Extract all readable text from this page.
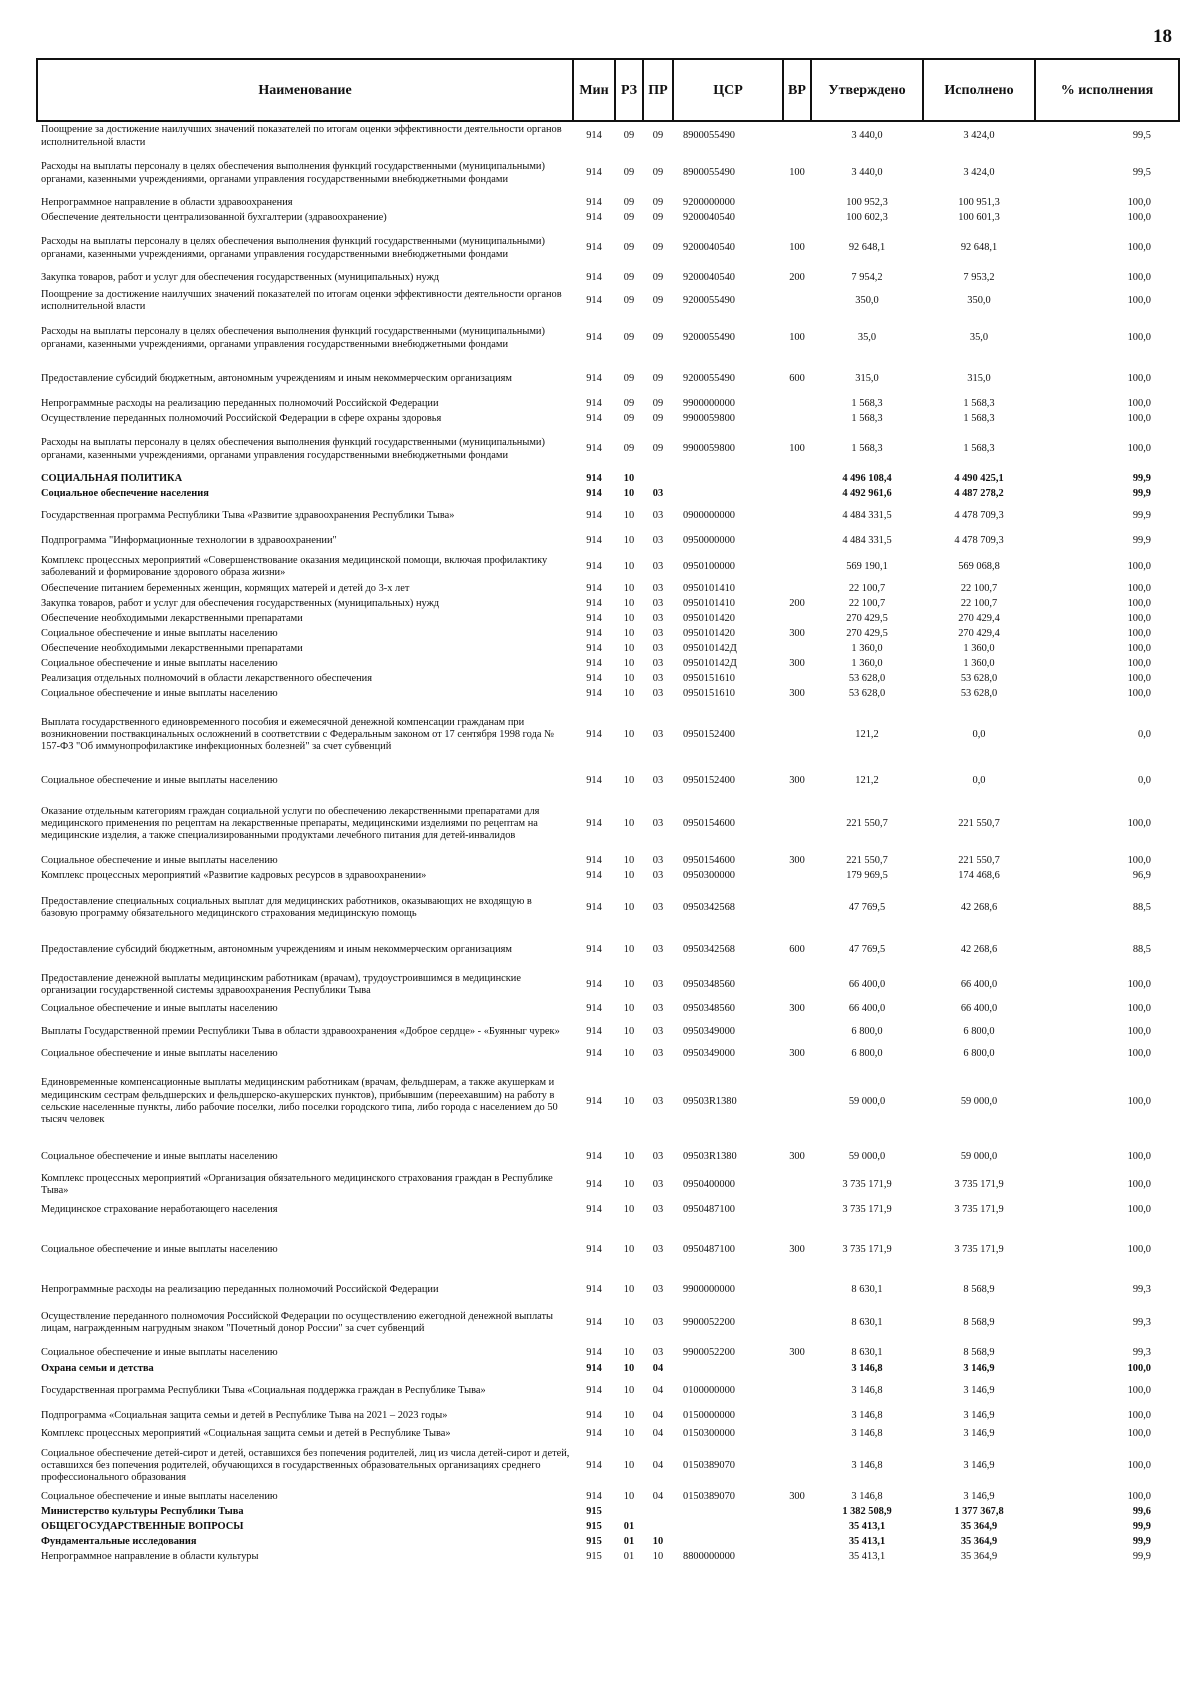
18
Наименование	Мин	РЗ	ПР	ЦСР	ВР	Утверждено	Исполнено	% исполнения
Поощрение за достижение наилучших значений показателей по итогам оценки эффективности деятельности органов исполнительной власти	914	09	09	8900055490		3 440,0	3 424,0	99,5
Расходы на выплаты персоналу в целях обеспечения выполнения функций государственными (муниципальными) органами, казенными учреждениями, органами управления государственными внебюджетными фондами	914	09	09	8900055490	100	3 440,0	3 424,0	99,5
Непрограммное направление в области здравоохранения	914	09	09	9200000000		100 952,3	100 951,3	100,0
Обеспечение деятельности централизованной бухгалтерии (здравоохранение)	914	09	09	9200040540		100 602,3	100 601,3	100,0
Расходы на выплаты персоналу в целях обеспечения выполнения функций государственными (муниципальными) органами, казенными учреждениями, органами управления государственными внебюджетными фондами	914	09	09	9200040540	100	92 648,1	92 648,1	100,0
Закупка товаров, работ и услуг для обеспечения государственных (муниципальных) нужд	914	09	09	9200040540	200	7 954,2	7 953,2	100,0
Поощрение за достижение наилучших значений показателей по итогам оценки эффективности деятельности органов исполнительной власти	914	09	09	9200055490		350,0	350,0	100,0
Расходы на выплаты персоналу в целях обеспечения выполнения функций государственными (муниципальными) органами, казенными учреждениями, органами управления государственными внебюджетными фондами	914	09	09	9200055490	100	35,0	35,0	100,0
Предоставление субсидий бюджетным, автономным учреждениям и иным некоммерческим организациям	914	09	09	9200055490	600	315,0	315,0	100,0
Непрограммные расходы на реализацию переданных полномочий Российской Федерации	914	09	09	9900000000		1 568,3	1 568,3	100,0
Осуществление переданных полномочий Российской Федерации в сфере охраны здоровья	914	09	09	9900059800		1 568,3	1 568,3	100,0
Расходы на выплаты персоналу в целях обеспечения выполнения функций государственными (муниципальными) органами, казенными учреждениями, органами управления государственными внебюджетными фондами	914	09	09	9900059800	100	1 568,3	1 568,3	100,0
СОЦИАЛЬНАЯ ПОЛИТИКА	914	10				4 496 108,4	4 490 425,1	99,9
Социальное обеспечение населения	914	10	03			4 492 961,6	4 487 278,2	99,9
Государственная программа Республики Тыва «Развитие здравоохранения Республики Тыва»	914	10	03	0900000000		4 484 331,5	4 478 709,3	99,9
Подпрограмма "Информационные технологии в здравоохранении"	914	10	03	0950000000		4 484 331,5	4 478 709,3	99,9
Комплекс процессных мероприятий «Совершенствование оказания медицинской помощи, включая профилактику заболеваний и формирование здорового образа жизни»	914	10	03	0950100000		569 190,1	569 068,8	100,0
Обеспечение питанием беременных женщин, кормящих матерей и детей до 3-х лет	914	10	03	0950101410		22 100,7	22 100,7	100,0
Закупка товаров, работ и услуг для обеспечения государственных (муниципальных) нужд	914	10	03	0950101410	200	22 100,7	22 100,7	100,0
Обеспечение необходимыми лекарственными препаратами	914	10	03	0950101420		270 429,5	270 429,4	100,0
Социальное обеспечение и иные выплаты населению	914	10	03	0950101420	300	270 429,5	270 429,4	100,0
Обеспечение необходимыми лекарственными препаратами	914	10	03	095010142Д		1 360,0	1 360,0	100,0
Социальное обеспечение и иные выплаты населению	914	10	03	095010142Д	300	1 360,0	1 360,0	100,0
Реализация отдельных полномочий в области лекарственного обеспечения	914	10	03	0950151610		53 628,0	53 628,0	100,0
Социальное обеспечение и иные выплаты населению	914	10	03	0950151610	300	53 628,0	53 628,0	100,0
Выплата государственного единовременного пособия и ежемесячной денежной компенсации гражданам при возникновении поствакцинальных осложнений в соответствии с Федеральным законом от 17 сентября 1998 года № 157-ФЗ "Об иммунопрофилактике инфекционных болезней" за счет субвенций	914	10	03	0950152400		121,2	0,0	0,0
Социальное обеспечение и иные выплаты населению	914	10	03	0950152400	300	121,2	0,0	0,0
Оказание отдельным категориям граждан социальной услуги по обеспечению лекарственными препаратами для медицинского применения по рецептам на лекарственные препараты, медицинскими изделиями по рецептам на медицинские изделия, а также специализированными продуктами лечебного питания для детей-инвалидов	914	10	03	0950154600		221 550,7	221 550,7	100,0
Социальное обеспечение и иные выплаты населению	914	10	03	0950154600	300	221 550,7	221 550,7	100,0
Комплекс процессных мероприятий «Развитие кадровых ресурсов в здравоохранении»	914	10	03	0950300000		179 969,5	174 468,6	96,9
Предоставление специальных социальных выплат для медицинских работников, оказывающих не входящую в базовую программу обязательного медицинского страхования медицинскую помощь	914	10	03	0950342568		47 769,5	42 268,6	88,5
Предоставление субсидий бюджетным, автономным учреждениям и иным некоммерческим организациям	914	10	03	0950342568	600	47 769,5	42 268,6	88,5
Предоставление денежной выплаты медицинским работникам (врачам), трудоустроившимся в медицинские организации государственной системы здравоохранения Республики Тыва	914	10	03	0950348560		66 400,0	66 400,0	100,0
Социальное обеспечение и иные выплаты населению	914	10	03	0950348560	300	66 400,0	66 400,0	100,0
Выплаты Государственной премии Республики Тыва в области здравоохранения «Доброе сердце» - «Буянныг чурек»	914	10	03	0950349000		6 800,0	6 800,0	100,0
Социальное обеспечение и иные выплаты населению	914	10	03	0950349000	300	6 800,0	6 800,0	100,0
Единовременные компенсационные выплаты медицинским работникам (врачам, фельдшерам, а также акушеркам и медицинским сестрам фельдшерских и фельдшерско-акушерских пунктов), прибывшим (переехавшим) на работу в сельские населенные пункты, либо рабочие поселки, либо поселки городского типа, либо города с населением до 50 тысяч человек	914	10	03	09503R1380		59 000,0	59 000,0	100,0
Социальное обеспечение и иные выплаты населению	914	10	03	09503R1380	300	59 000,0	59 000,0	100,0
Комплекс процессных мероприятий «Организация обязательного медицинского страхования граждан в Республике Тыва»	914	10	03	0950400000		3 735 171,9	3 735 171,9	100,0
Медицинское страхование неработающего населения	914	10	03	0950487100		3 735 171,9	3 735 171,9	100,0
Социальное обеспечение и иные выплаты населению	914	10	03	0950487100	300	3 735 171,9	3 735 171,9	100,0
Непрограммные расходы на реализацию переданных полномочий Российской Федерации	914	10	03	9900000000		8 630,1	8 568,9	99,3
Осуществление переданного полномочия Российской Федерации по осуществлению ежегодной денежной выплаты лицам, награжденным нагрудным знаком "Почетный донор России" за счет субвенций	914	10	03	9900052200		8 630,1	8 568,9	99,3
Социальное обеспечение и иные выплаты населению	914	10	03	9900052200	300	8 630,1	8 568,9	99,3
Охрана семьи и детства	914	10	04			3 146,8	3 146,9	100,0
Государственная программа Республики Тыва «Социальная поддержка граждан в Республике Тыва»	914	10	04	0100000000		3 146,8	3 146,9	100,0
Подпрограмма «Социальная защита семьи и детей в Республике Тыва на 2021 – 2023 годы»	914	10	04	0150000000		3 146,8	3 146,9	100,0
Комплекс процессных мероприятий «Социальная защита семьи и детей в Республике Тыва»	914	10	04	0150300000		3 146,8	3 146,9	100,0
Социальное обеспечение детей-сирот и детей, оставшихся без попечения родителей, лиц из числа детей-сирот и детей, оставшихся без попечения родителей, обучающихся в государственных образовательных организациях среднего профессионального образования	914	10	04	0150389070		3 146,8	3 146,9	100,0
Социальное обеспечение и иные выплаты населению	914	10	04	0150389070	300	3 146,8	3 146,9	100,0
Министерство культуры Республики Тыва	915					1 382 508,9	1 377 367,8	99,6
ОБЩЕГОСУДАРСТВЕННЫЕ ВОПРОСЫ	915	01				35 413,1	35 364,9	99,9
Фундаментальные исследования	915	01	10			35 413,1	35 364,9	99,9
Непрограммное направление в области культуры	915	01	10	8800000000		35 413,1	35 364,9	99,9
